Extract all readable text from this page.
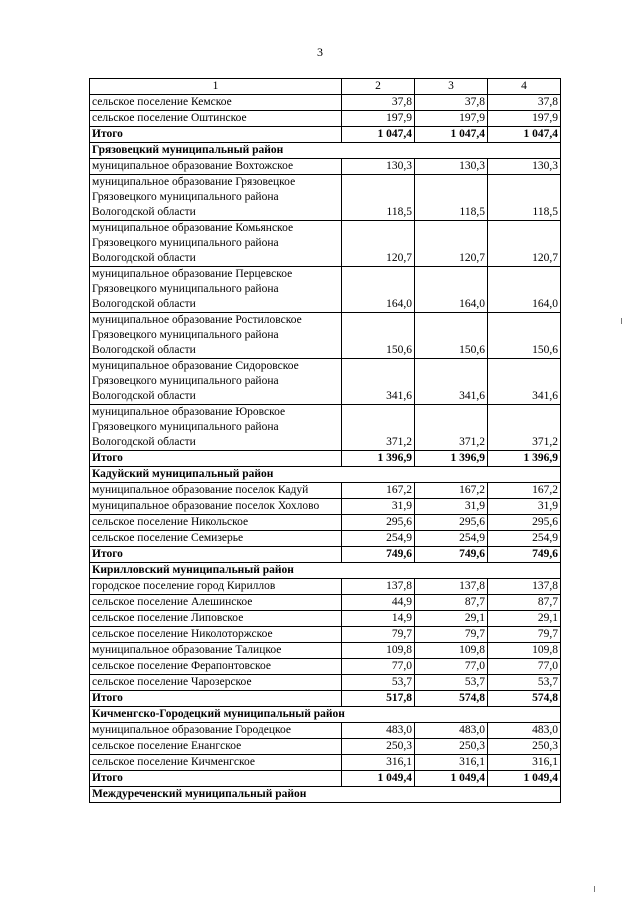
3
1	2	3	4
сельское поселение Кемское	37,8	37,8	37,8
сельское поселение Оштинское	197,9	197,9	197,9
Итого	1 047,4	1 047,4	1 047,4
Грязовецкий муниципальный район			
муниципальное образование Вохтожское	130,3	130,3	130,3
муниципальное образование Грязовецкое Грязовецкого муниципального района Вологодской области	118,5	118,5	118,5
муниципальное образование Комьянское Грязовецкого муниципального района Вологодской области	120,7	120,7	120,7
муниципальное образование Перцевское Грязовецкого муниципального района Вологодской области	164,0	164,0	164,0
муниципальное образование Ростиловское Грязовецкого муниципального района Вологодской области	150,6	150,6	150,6
муниципальное образование Сидоровское Грязовецкого муниципального района Вологодской области	341,6	341,6	341,6
муниципальное образование Юровское Грязовецкого муниципального района Вологодской области	371,2	371,2	371,2
Итого	1 396,9	1 396,9	1 396,9
Кадуйский муниципальный район			
муниципальное образование поселок Кадуй	167,2	167,2	167,2
муниципальное образование поселок Хохлово	31,9	31,9	31,9
сельское поселение Никольское	295,6	295,6	295,6
сельское поселение Семизерье	254,9	254,9	254,9
Итого	749,6	749,6	749,6
Кирилловский муниципальный район			
городское поселение город Кириллов	137,8	137,8	137,8
сельское поселение Алешинское	44,9	87,7	87,7
сельское поселение Липовское	14,9	29,1	29,1
сельское поселение Николоторжское	79,7	79,7	79,7
муниципальное образование Талицкое	109,8	109,8	109,8
сельское поселение Ферапонтовское	77,0	77,0	77,0
сельское поселение Чарозерское	53,7	53,7	53,7
Итого	517,8	574,8	574,8
Кичменгско-Городецкий муниципальный район			
муниципальное образование Городецкое	483,0	483,0	483,0
сельское поселение Енангское	250,3	250,3	250,3
сельское поселение Кичменгское	316,1	316,1	316,1
Итого	1 049,4	1 049,4	1 049,4
Междуреченский муниципальный район			
